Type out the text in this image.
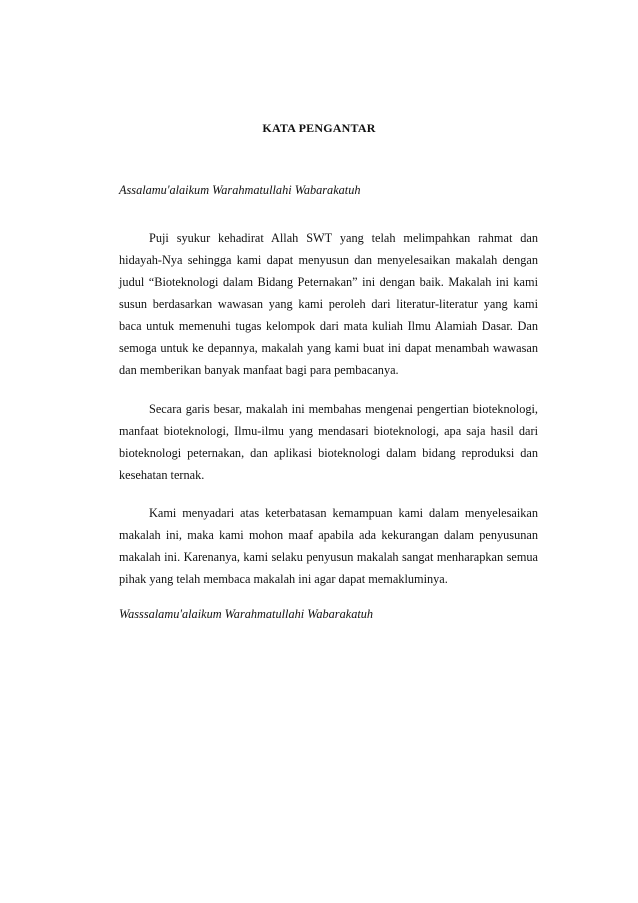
KATA PENGANTAR
Assalamu'alaikum Warahmatullahi Wabarakatuh

Puji syukur kehadirat Allah SWT yang telah melimpahkan rahmat dan hidayah-Nya sehingga kami dapat menyusun dan menyelesaikan makalah dengan judul “Bioteknologi dalam Bidang Peternakan” ini dengan baik. Makalah ini kami susun berdasarkan wawasan yang kami peroleh dari literatur-literatur yang kami baca untuk memenuhi tugas kelompok dari mata kuliah Ilmu Alamiah Dasar. Dan semoga untuk ke depannya, makalah yang kami buat ini dapat menambah wawasan dan memberikan banyak manfaat bagi para pembacanya.

Secara garis besar, makalah ini membahas mengenai pengertian bioteknologi, manfaat bioteknologi, Ilmu-ilmu yang mendasari bioteknologi, apa saja hasil dari bioteknologi peternakan, dan aplikasi bioteknologi dalam bidang reproduksi dan kesehatan ternak.

Kami menyadari atas keterbatasan kemampuan kami dalam menyelesaikan makalah ini, maka kami mohon maaf apabila ada kekurangan dalam penyusunan makalah ini. Karenanya, kami selaku penyusun makalah sangat menharapkan semua pihak yang telah membaca makalah ini agar dapat memakluminya.

Wasssalamu'alaikum Warahmatullahi Wabarakatuh
